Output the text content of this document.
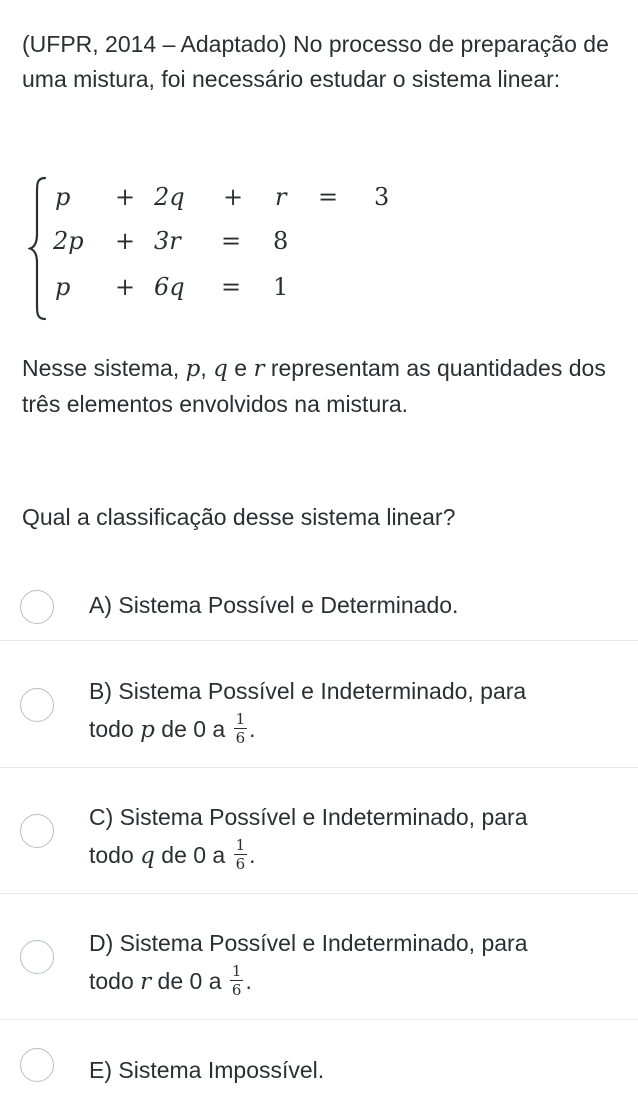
(UFPR, 2014 – Adaptado) No processo de preparação de uma mistura, foi necessário estudar o sistema linear:

p + 2q + r = 3
2p + 3r = 8
p + 6q = 1

Nesse sistema, p, q e r representam as quantidades dos três elementos envolvidos na mistura.

Qual a classificação desse sistema linear?

A) Sistema Possível e Determinado.
B) Sistema Possível e Indeterminado, para
todo p de 0 a $\frac{1}{6}$ .
C) Sistema Possível e Indeterminado, para
todo q de 0 a $\frac{1}{6}$ .
D) Sistema Possível e Indeterminado, para
todo r de 0 a $\frac{1}{6}$ .
E) Sistema Impossível.
